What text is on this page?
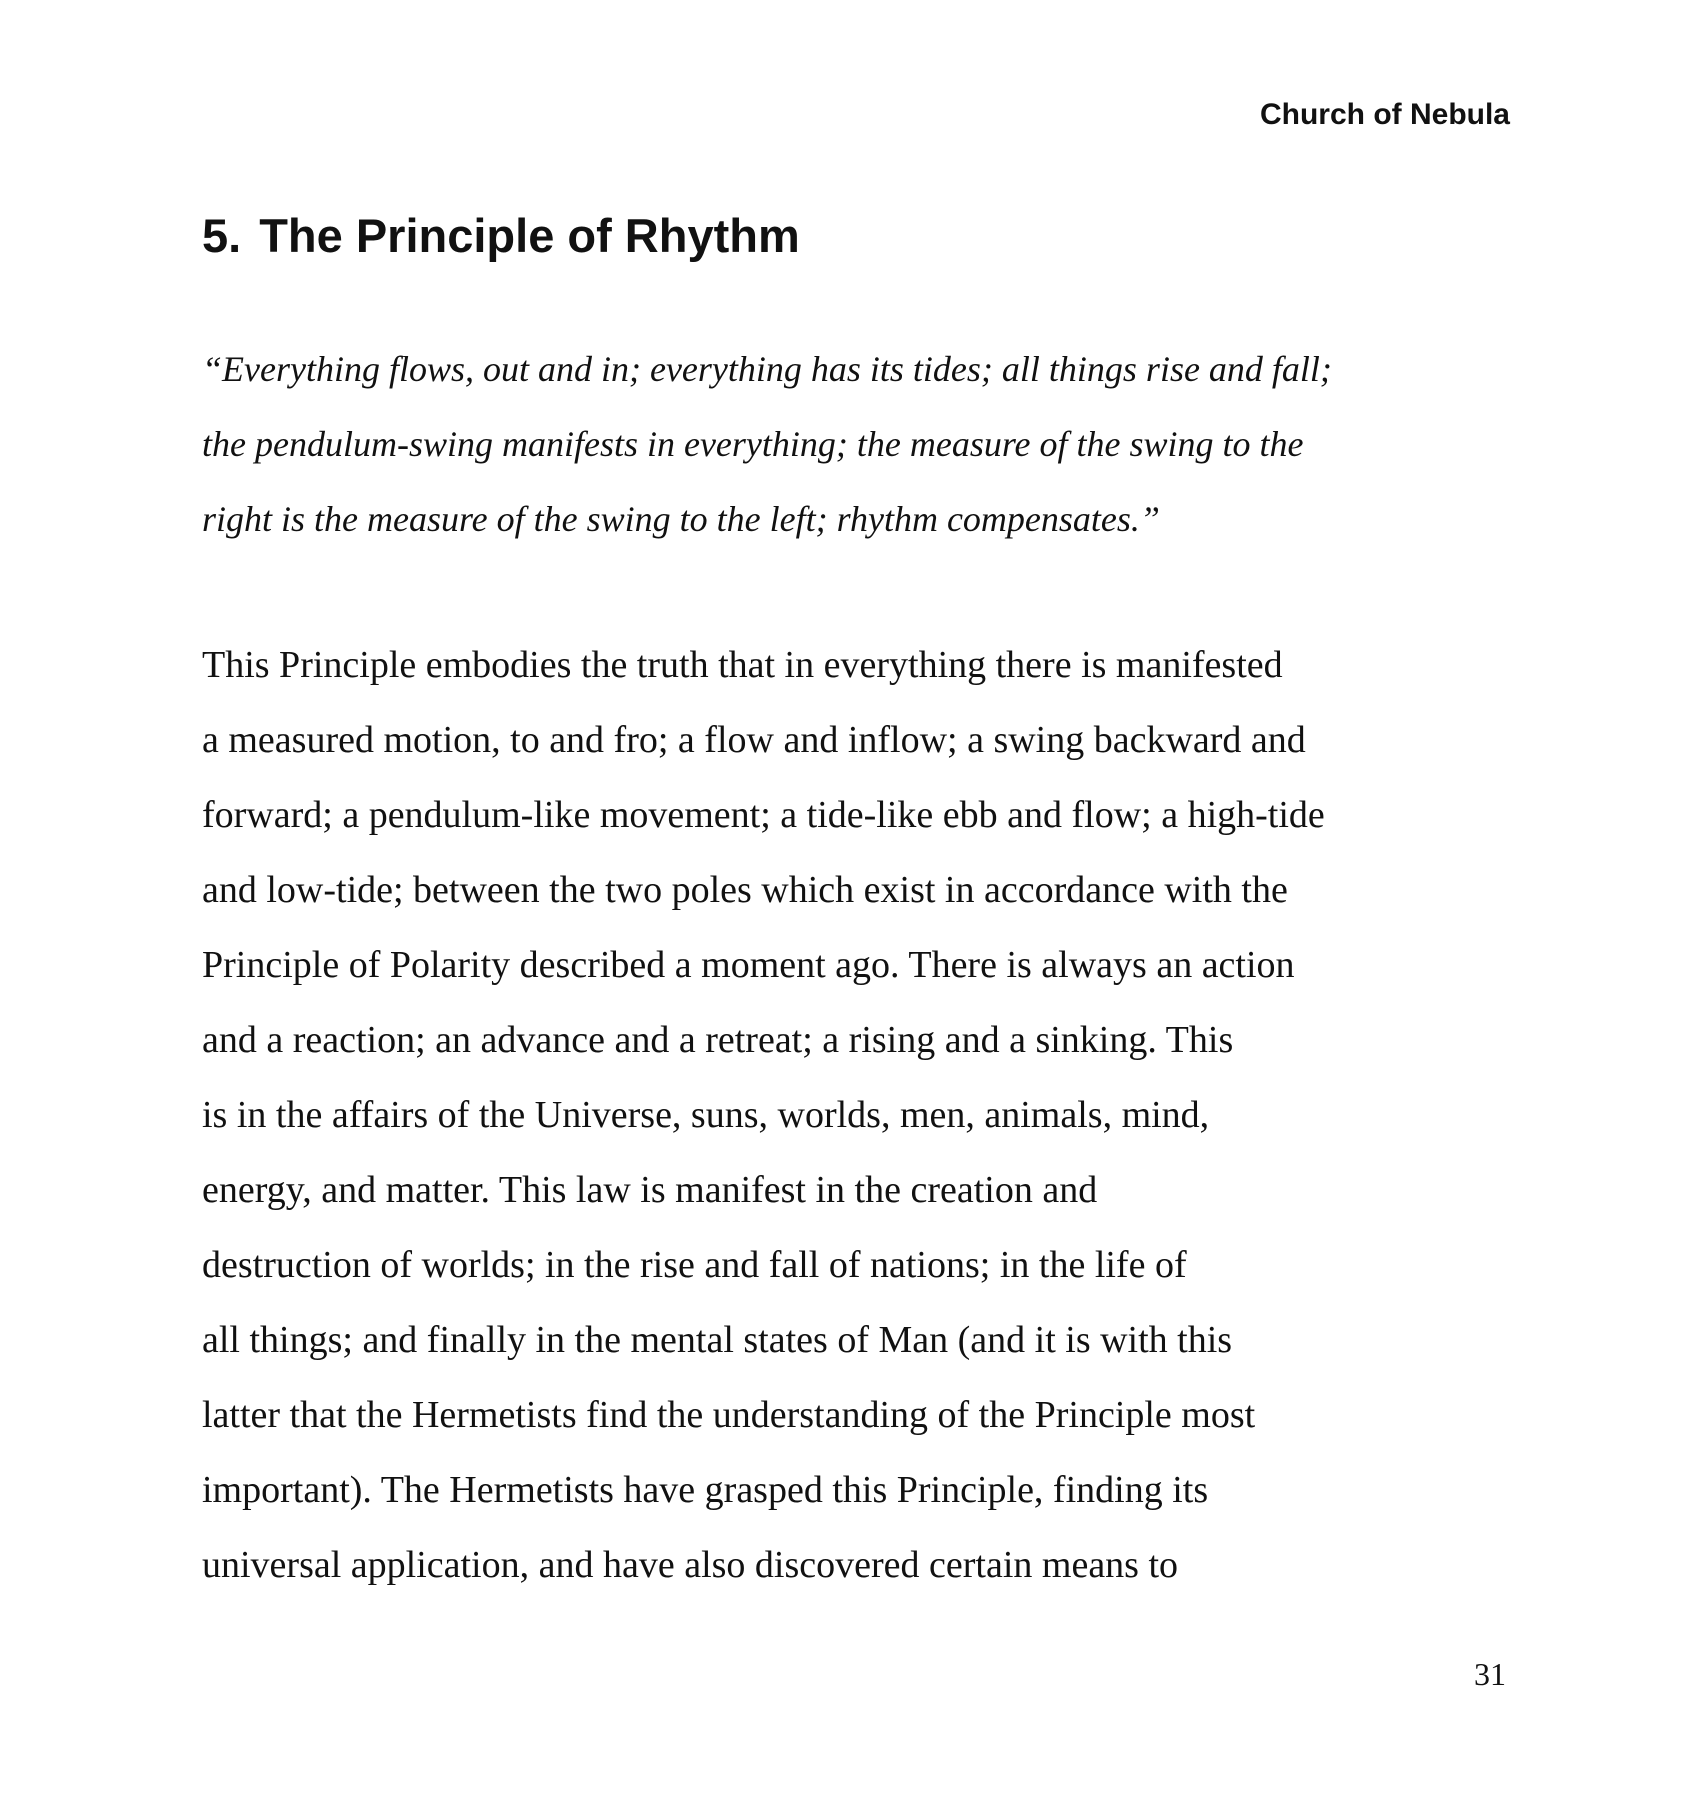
Church of Nebula
5. The Principle of Rhythm
“Everything flows, out and in; everything has its tides; all things rise and fall;
the pendulum-swing manifests in everything; the measure of the swing to the
right is the measure of the swing to the left; rhythm compensates.”
This Principle embodies the truth that in everything there is manifested
a measured motion, to and fro; a flow and inflow; a swing backward and
forward; a pendulum-like movement; a tide-like ebb and flow; a high-tide
and low-tide; between the two poles which exist in accordance with the
Principle of Polarity described a moment ago. There is always an action
and a reaction; an advance and a retreat; a rising and a sinking. This
is in the affairs of the Universe, suns, worlds, men, animals, mind,
energy, and matter. This law is manifest in the creation and
destruction of worlds; in the rise and fall of nations; in the life of
all things; and finally in the mental states of Man (and it is with this
latter that the Hermetists find the understanding of the Principle most
important). The Hermetists have grasped this Principle, finding its
universal application, and have also discovered certain means to
31
